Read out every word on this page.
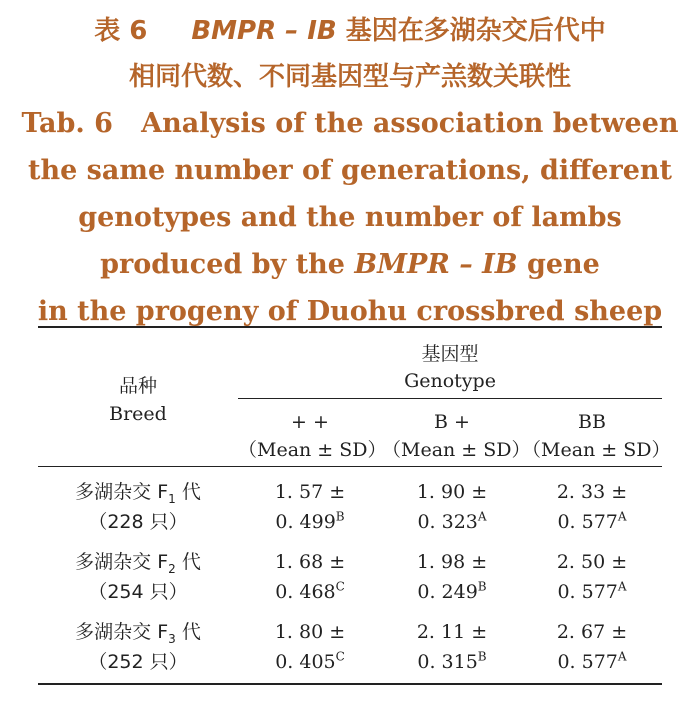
表 6 BMPR – IB 基因在多湖杂交后代中
相同代数、不同基因型与产羔数关联性
Tab. 6   Analysis of the association between
the same number of generations, different
genotypes and the number of lambs
produced by the BMPR – IB gene
in the progeny of Duohu crossbred sheep
品种
Breed
基因型
Genotype
+ +
（Mean ± SD）
B +
（Mean ± SD）
BB
（Mean ± SD）
多湖杂交 $F_1$ 代
（228 只）
1. 57 ±
0. $499^B$
1. 90 ±
0. $323^A$
2. 33 ±
0. $577^A$
多湖杂交 $F_2$ 代
（254 只）
1. 68 ±
0. $468^C$
1. 98 ±
0. $249^B$
2. 50 ±
0. $577^A$
多湖杂交 $F_3$ 代
（252 只）
1. 80 ±
0. $405^C$
2. 11 ±
0. $315^B$
2. 67 ±
0. $577^A$
